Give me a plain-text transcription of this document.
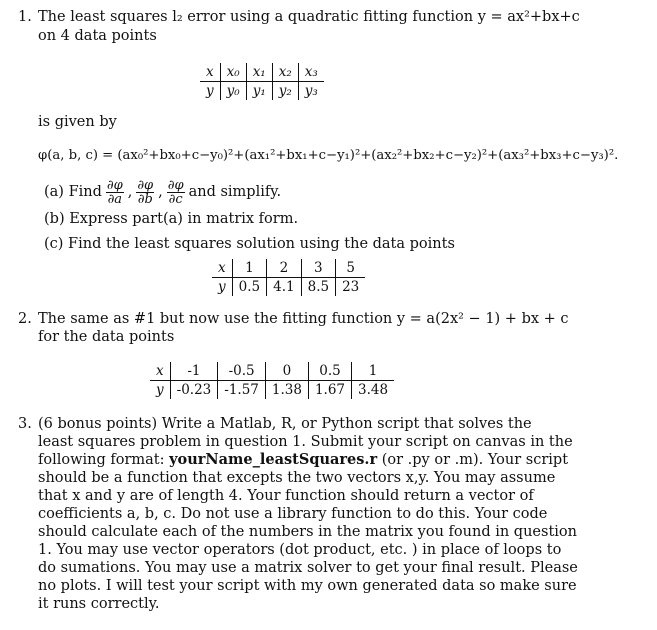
1. The least squares l₂ error using a quadratic fitting function y = ax²+bx+c
on 4 data points
x	x₀	x₁	x₂	x₃
y	y₀	y₁	y₂	y₃
is given by
φ(a, b, c) = (ax₀²+bx₀+c−y₀)²+(ax₁²+bx₁+c−y₁)²+(ax₂²+bx₂+c−y₂)²+(ax₃²+bx₃+c−y₃)².
(a) Find $\frac{\partial\varphi}{\partial a}$ , $\frac{\partial\varphi}{\partial b}$ , $\frac{\partial\varphi}{\partial c}$ and simplify.
(b) Express part(a) in matrix form.
(c) Find the least squares solution using the data points
x	1	2	3	5
y	0.5	4.1	8.5	23
2. The same as #1 but now use the fitting function y = a(2x² − 1) + bx + c
for the data points
x	-1	-0.5	0	0.5	1
y	-0.23	-1.57	1.38	1.67	3.48
3. (6 bonus points) Write a Matlab, R, or Python script that solves the
least squares problem in question 1. Submit your script on canvas in the
following format: yourName_leastSquares.r (or .py or .m). Your script
should be a function that excepts the two vectors x,y. You may assume
that x and y are of length 4. Your function should return a vector of
coefficients a, b, c. Do not use a library function to do this. Your code
should calculate each of the numbers in the matrix you found in question
1. You may use vector operators (dot product, etc. ) in place of loops to
do sumations. You may use a matrix solver to get your final result. Please
no plots. I will test your script with my own generated data so make sure
it runs correctly.
